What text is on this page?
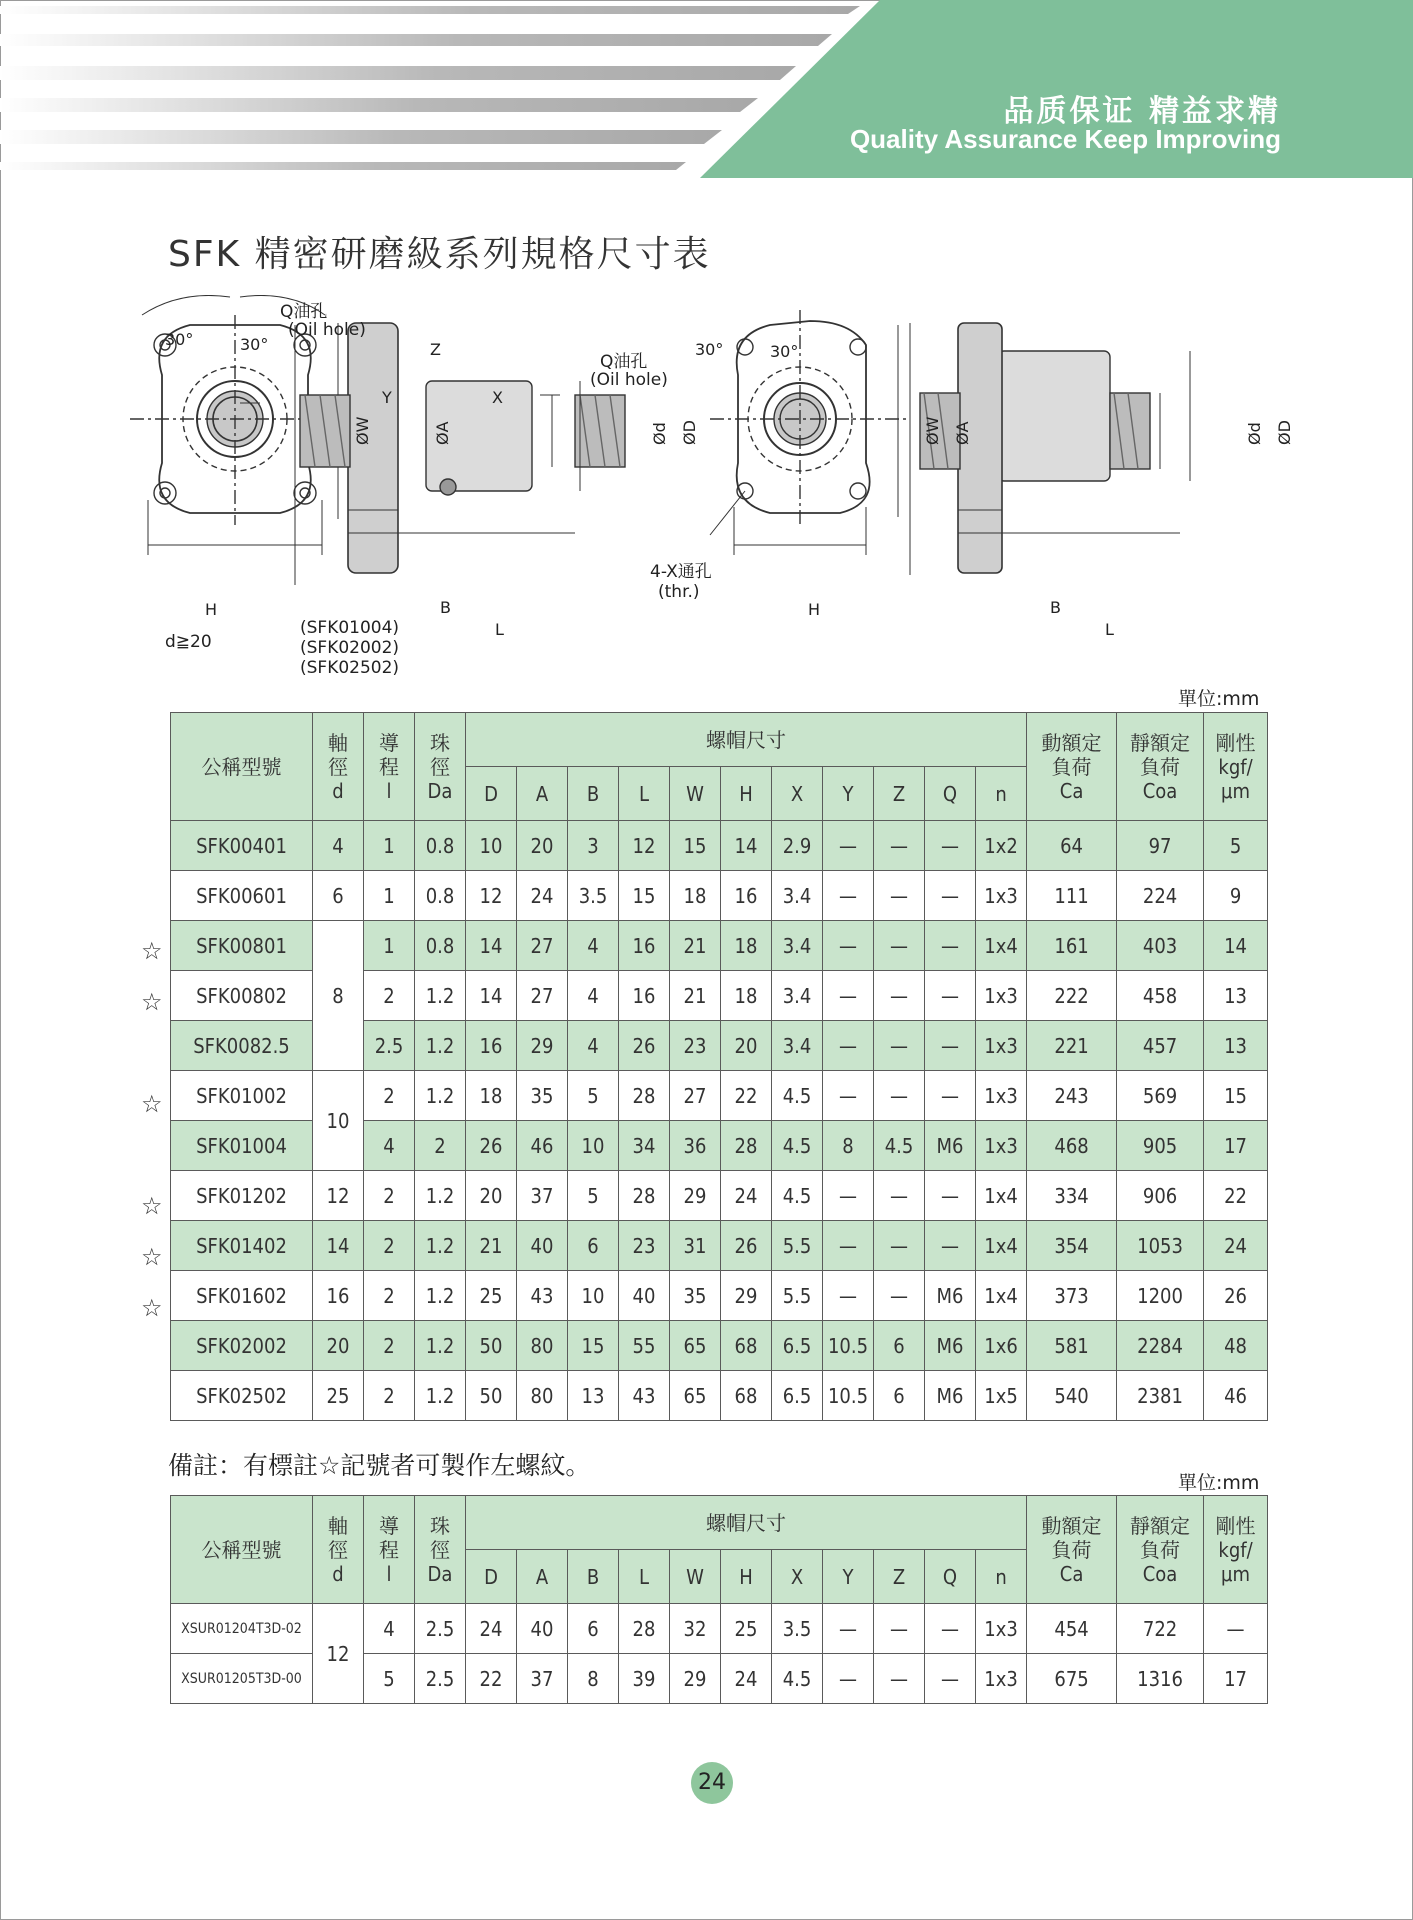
品质保证 精益求精
Quality Assurance Keep Improving
SFK 精密研磨級系列規格尺寸表
30°	30°	30°	30°
Q油孔
(Oil hole)
Q油孔
(Oil hole)
4-X通孔
(thr.)
H
d≧20
H
B	B
L	L
Z
Y	X
ØW	ØA	Ød ØD	ØW ØA	Ød ØD
(SFK01004)
(SFK02002)
(SFK02502)
單位:mm
公稱型號	軸
徑
d	導
程
l	珠
徑
Da	螺帽尺寸											動額定
負荷
Ca	靜額定
負荷
Coa	剛性
kgf/
μm
				D	A	B	L	W	H	X	Y	Z	Q	n			
SFK00401	4	1	0.8	10	20	3	12	15	14	2.9	—	—	—	1x2	64	97	5
SFK00601	6	1	0.8	12	24	3.5	15	18	16	3.4	—	—	—	1x3	111	224	9
SFK00801	8	1	0.8	14	27	4	16	21	18	3.4	—	—	—	1x4	161	403	14
SFK00802		2	1.2	14	27	4	16	21	18	3.4	—	—	—	1x3	222	458	13
SFK0082.5		2.5	1.2	16	29	4	26	23	20	3.4	—	—	—	1x3	221	457	13
SFK01002	10	2	1.2	18	35	5	28	27	22	4.5	—	—	—	1x3	243	569	15
SFK01004		4	2	26	46	10	34	36	28	4.5	8	4.5	M6	1x3	468	905	17
SFK01202	12	2	1.2	20	37	5	28	29	24	4.5	—	—	—	1x4	334	906	22
SFK01402	14	2	1.2	21	40	6	23	31	26	5.5	—	—	—	1x4	354	1053	24
SFK01602	16	2	1.2	25	43	10	40	35	29	5.5	—	—	M6	1x4	373	1200	26
SFK02002	20	2	1.2	50	80	15	55	65	68	6.5	10.5	6	M6	1x6	581	2284	48
SFK02502	25	2	1.2	50	80	13	43	65	68	6.5	10.5	6	M6	1x5	540	2381	46
☆
☆
☆
☆
☆
☆
備註：有標註☆記號者可製作左螺紋。
單位:mm
公稱型號	軸
徑
d	導
程
l	珠
徑
Da	螺帽尺寸											動額定
負荷
Ca	靜額定
負荷
Coa	剛性
kgf/
μm
				D	A	B	L	W	H	X	Y	Z	Q	n			
XSUR01204T3D-02	12	4	2.5	24	40	6	28	32	25	3.5	—	—	—	1x3	454	722	—
XSUR01205T3D-00		5	2.5	22	37	8	39	29	24	4.5	—	—	—	1x3	675	1316	17
24
